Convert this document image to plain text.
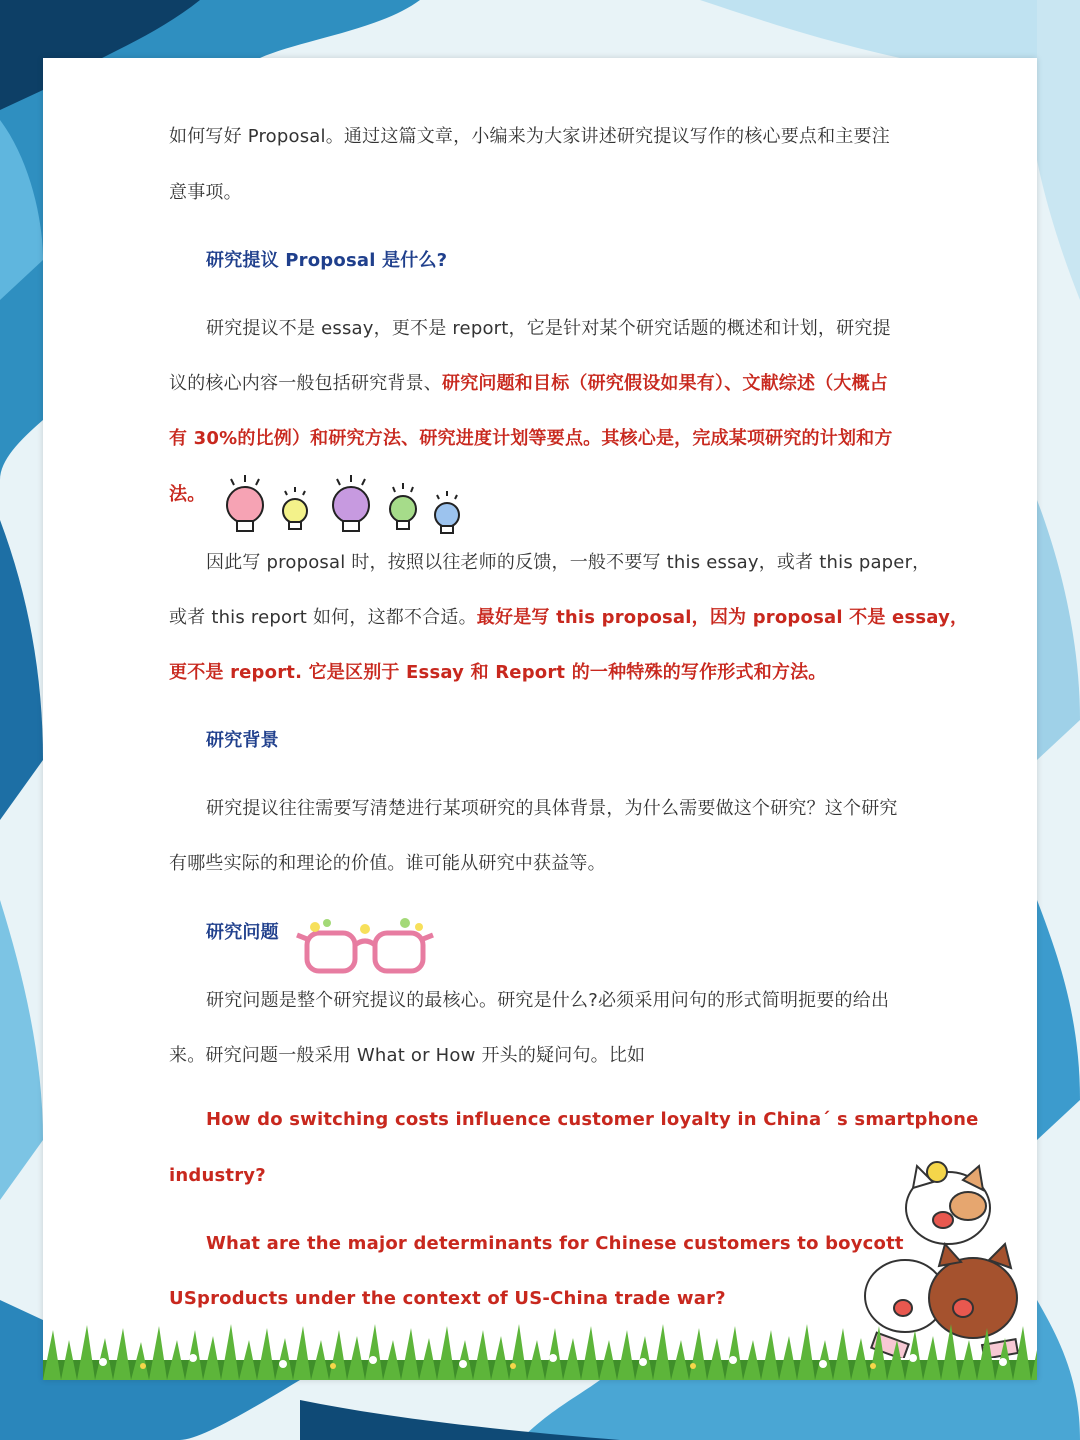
如何写好 Proposal。通过这篇文章，小编来为大家讲述研究提议写作的核心要点和主要注
意事项。
研究提议 Proposal 是什么?
研究提议不是 essay，更不是 report，它是针对某个研究话题的概述和计划，研究提
议的核心内容一般包括研究背景、研究问题和目标（研究假设如果有）、文献综述（大概占
有 30%的比例）和研究方法、研究进度计划等要点。其核心是，完成某项研究的计划和方
法。
因此写 proposal 时，按照以往老师的反馈，一般不要写 this essay，或者 this paper，
或者 this report 如何，这都不合适。最好是写 this proposal，因为 proposal 不是 essay，
更不是 report. 它是区别于 Essay 和 Report 的一种特殊的写作形式和方法。
研究背景
研究提议往往需要写清楚进行某项研究的具体背景，为什么需要做这个研究？这个研究
有哪些实际的和理论的价值。谁可能从研究中获益等。
研究问题
研究问题是整个研究提议的最核心。研究是什么?必须采用问句的形式简明扼要的给出
来。研究问题一般采用 What or How 开头的疑问句。比如
How do switching costs influence customer loyalty in China´ s smartphone
industry?
What are the major determinants for Chinese customers to boycott
USproducts under the context of US-China trade war?
